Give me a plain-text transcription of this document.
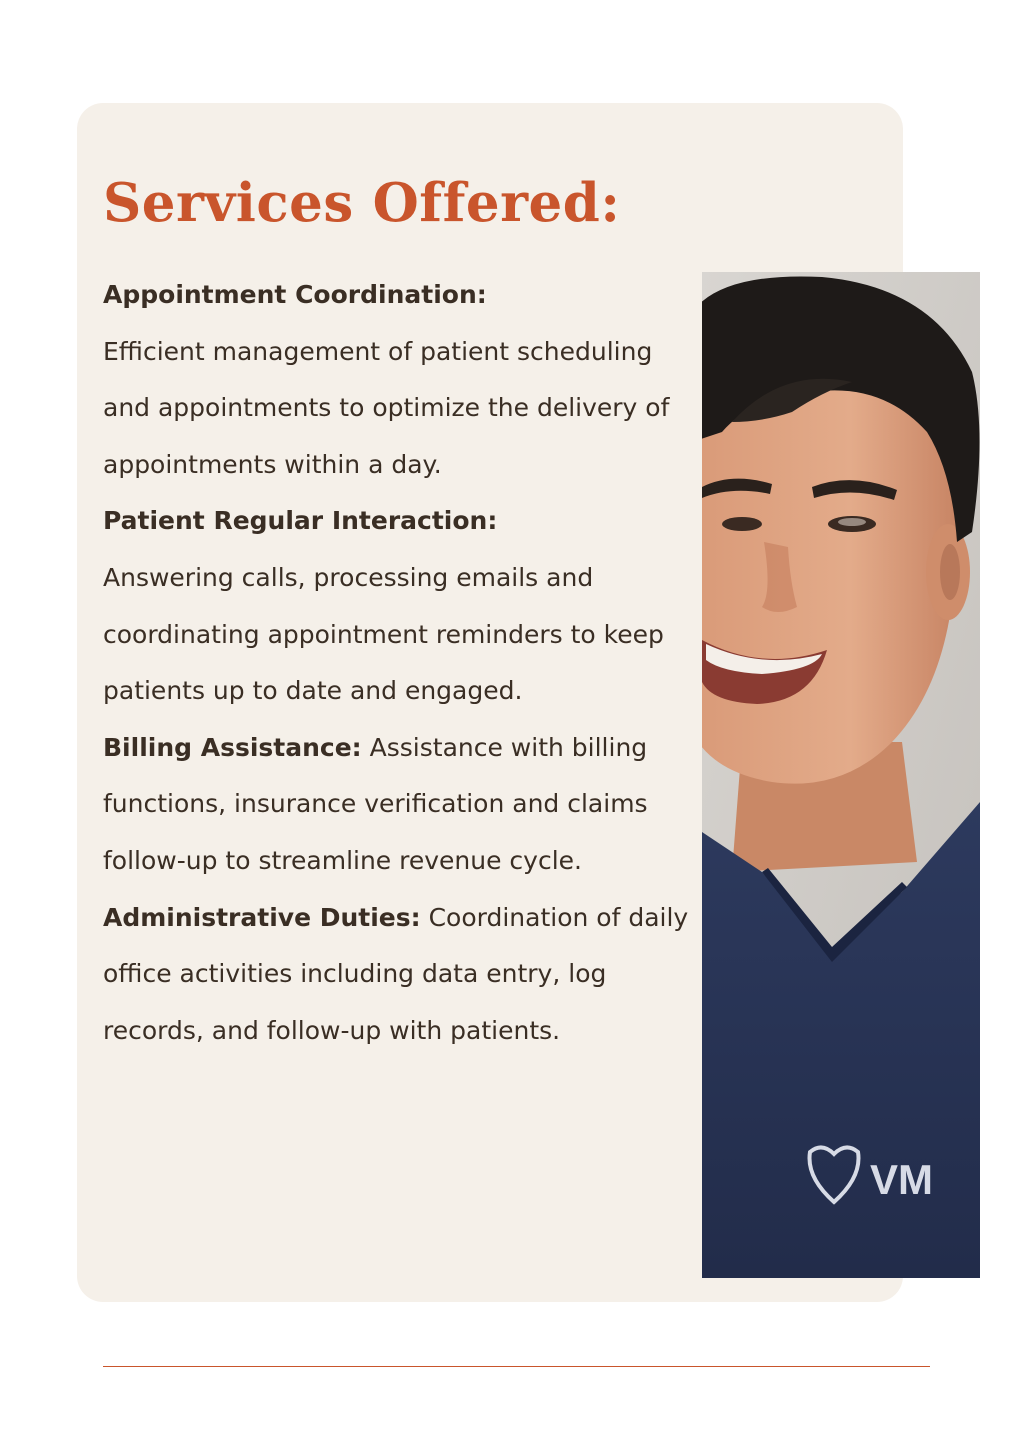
Services Offered:

Appointment Coordination:
Efficient management of patient scheduling and appointments to optimize the delivery of appointments within a day.

Patient Regular Interaction:
Answering calls, processing emails and coordinating appointment reminders to keep patients up to date and engaged.

Billing Assistance: Assistance with billing functions, insurance verification and claims follow-up to streamline revenue cycle.

Administrative Duties: Coordination of daily office activities including data entry, log records, and follow-up with patients.

VM
